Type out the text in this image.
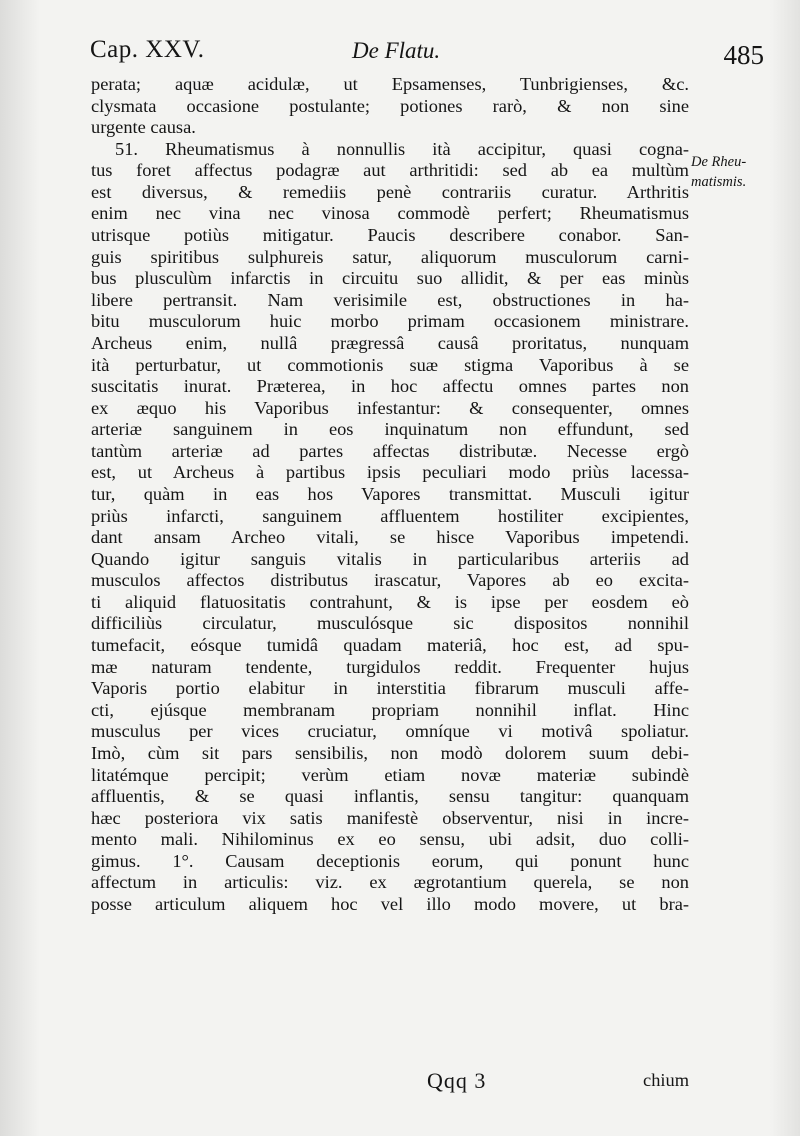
Cap. XXV.	De Flatu.	485
perata; aquæ acidulæ, ut Epsamenses, Tunbrigienses, &c.
clysmata occasione postulante; potiones rarò, & non sine
urgente causa.
51. Rheumatismus à nonnullis ità accipitur, quasi cogna-
tus foret affectus podagræ aut arthritidi: sed ab ea multùm
est diversus, & remediis penè contrariis curatur. Arthritis
enim nec vina nec vinosa commodè perfert; Rheumatismus
utrisque potiùs mitigatur. Paucis describere conabor. San-
guis spiritibus sulphureis satur, aliquorum musculorum carni-
bus plusculùm infarctis in circuitu suo allidit, & per eas minùs
libere pertransit. Nam verisimile est, obstructiones in ha-
bitu musculorum huic morbo primam occasionem ministrare.
Archeus enim, nullâ prægressâ causâ proritatus, nunquam
ità perturbatur, ut commotionis suæ stigma Vaporibus à se
suscitatis inurat. Præterea, in hoc affectu omnes partes non
ex æquo his Vaporibus infestantur: & consequenter, omnes
arteriæ sanguinem in eos inquinatum non effundunt, sed
tantùm arteriæ ad partes affectas distributæ. Necesse ergò
est, ut Archeus à partibus ipsis peculiari modo priùs lacessa-
tur, quàm in eas hos Vapores transmittat. Musculi igitur
priùs infarcti, sanguinem affluentem hostiliter excipientes,
dant ansam Archeo vitali, se hisce Vaporibus impetendi.
Quando igitur sanguis vitalis in particularibus arteriis ad
musculos affectos distributus irascatur, Vapores ab eo excita-
ti aliquid flatuositatis contrahunt, & is ipse per eosdem eò
difficiliùs circulatur, musculósque sic dispositos nonnihil
tumefacit, eósque tumidâ quadam materiâ, hoc est, ad spu-
mæ naturam tendente, turgidulos reddit. Frequenter hujus
Vaporis portio elabitur in interstitia fibrarum musculi affe-
cti, ejúsque membranam propriam nonnihil inflat. Hinc
musculus per vices cruciatur, omníque vi motivâ spoliatur.
Imò, cùm sit pars sensibilis, non modò dolorem suum debi-
litatémque percipit; verùm etiam novæ materiæ subindè
affluentis, & se quasi inflantis, sensu tangitur: quanquam
hæc posteriora vix satis manifestè observentur, nisi in incre-
mento mali. Nihilominus ex eo sensu, ubi adsit, duo colli-
gimus. 1°. Causam deceptionis eorum, qui ponunt hunc
affectum in articulis: viz. ex ægrotantium querela, se non
posse articulum aliquem hoc vel illo modo movere, ut bra-
De Rheu-
matismis.
Qqq 3	chium
